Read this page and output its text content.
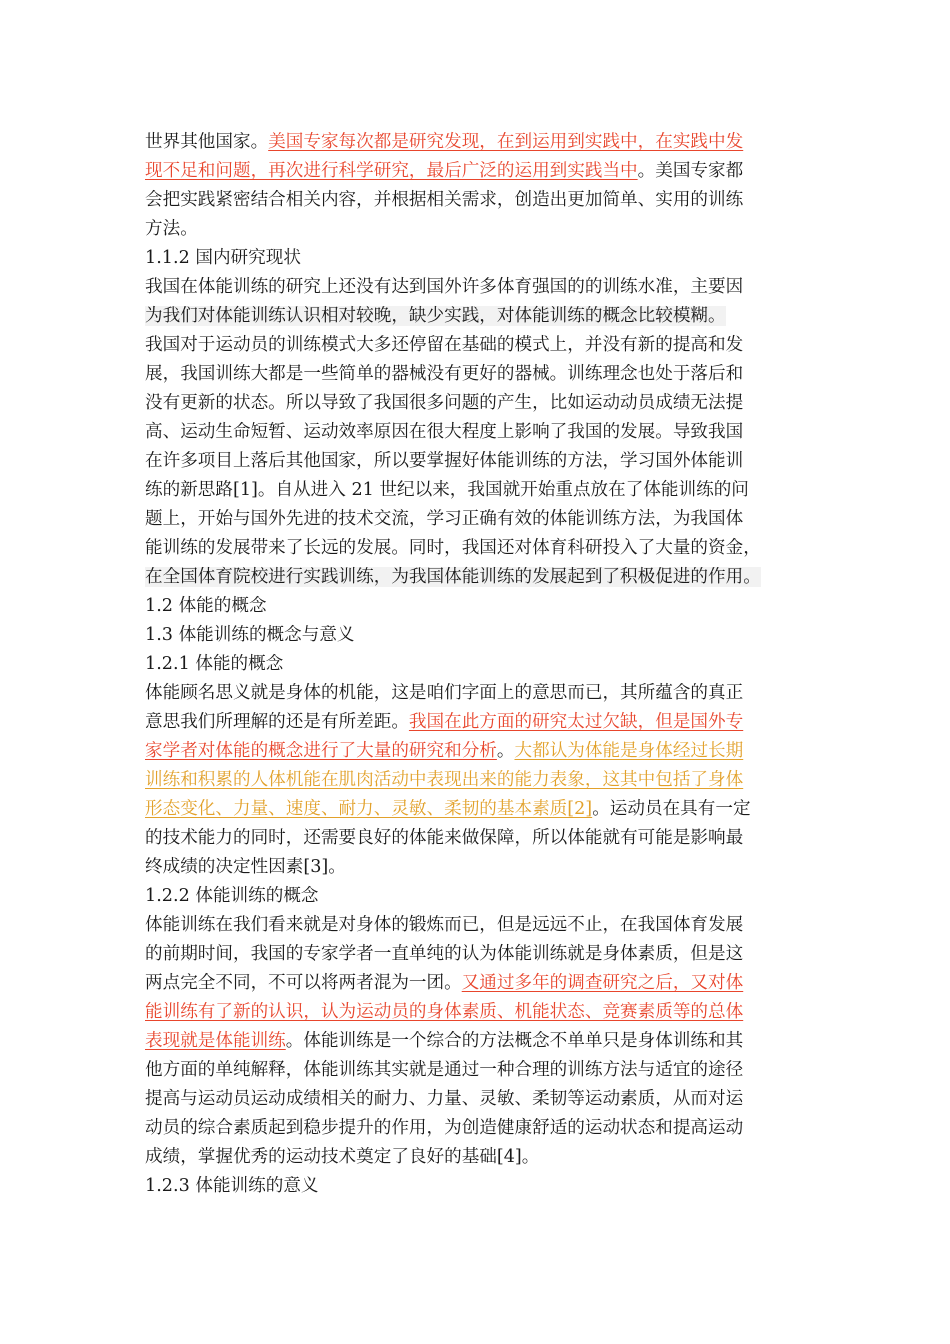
世界其他国家。美国专家每次都是研究发现，在到运用到实践中，在实践中发
现不足和问题，再次进行科学研究，最后广泛的运用到实践当中。美国专家都
会把实践紧密结合相关内容，并根据相关需求，创造出更加简单、实用的训练
方法。
1.1.2 国内研究现状
我国在体能训练的研究上还没有达到国外许多体育强国的的训练水准，主要因
为我们对体能训练认识相对较晚，缺少实践，对体能训练的概念比较模糊。
我国对于运动员的训练模式大多还停留在基础的模式上，并没有新的提高和发
展，我国训练大都是一些简单的器械没有更好的器械。训练理念也处于落后和
没有更新的状态。所以导致了我国很多问题的产生，比如运动动员成绩无法提
高、运动生命短暂、运动效率原因在很大程度上影响了我国的发展。导致我国
在许多项目上落后其他国家，所以要掌握好体能训练的方法，学习国外体能训
练的新思路[1]。自从进入 21 世纪以来，我国就开始重点放在了体能训练的问
题上，开始与国外先进的技术交流，学习正确有效的体能训练方法，为我国体
能训练的发展带来了长远的发展。同时，我国还对体育科研投入了大量的资金，
在全国体育院校进行实践训练，为我国体能训练的发展起到了积极促进的作用。
1.2 体能的概念
1.3 体能训练的概念与意义
1.2.1 体能的概念
体能顾名思义就是身体的机能，这是咱们字面上的意思而已，其所蕴含的真正
意思我们所理解的还是有所差距。我国在此方面的研究太过欠缺，但是国外专
家学者对体能的概念进行了大量的研究和分析。大都认为体能是身体经过长期
训练和积累的人体机能在肌肉活动中表现出来的能力表象，这其中包括了身体
形态变化、力量、速度、耐力、灵敏、柔韧的基本素质[2]。运动员在具有一定
的技术能力的同时，还需要良好的体能来做保障，所以体能就有可能是影响最
终成绩的决定性因素[3]。
1.2.2 体能训练的概念
体能训练在我们看来就是对身体的锻炼而已，但是远远不止，在我国体育发展
的前期时间，我国的专家学者一直单纯的认为体能训练就是身体素质，但是这
两点完全不同，不可以将两者混为一团。又通过多年的调查研究之后，又对体
能训练有了新的认识，认为运动员的身体素质、机能状态、竞赛素质等的总体
表现就是体能训练。体能训练是一个综合的方法概念不单单只是身体训练和其
他方面的单纯解释，体能训练其实就是通过一种合理的训练方法与适宜的途径
提高与运动员运动成绩相关的耐力、力量、灵敏、柔韧等运动素质，从而对运
动员的综合素质起到稳步提升的作用，为创造健康舒适的运动状态和提高运动
成绩，掌握优秀的运动技术奠定了良好的基础[4]。
1.2.3 体能训练的意义
